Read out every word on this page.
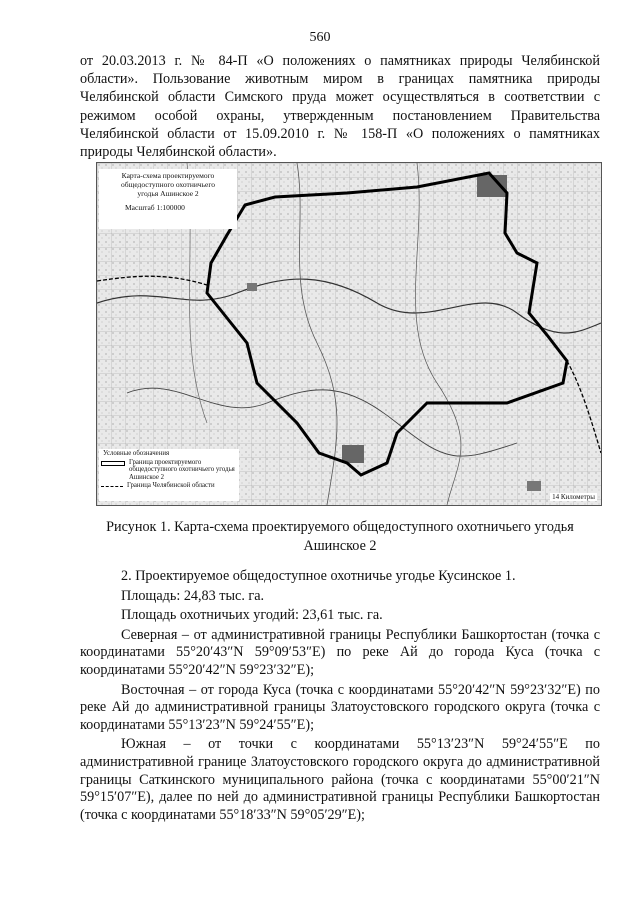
560

от 20.03.2013 г. № 84-П «О положениях о памятниках природы Челябинской области». Пользование животным миром в границах памятника природы Челябинской области Симского пруда может осуществляться в соответствии с режимом особой охраны, утвержденным постановлением Правительства Челябинской области от 15.09.2010 г. № 158-П «О положениях о памятниках природы Челябинской области».

Карта-схема проектируемого
общедоступного охотничьего
угодья Ашинское 2
Масштаб 1:100000
Условные обозначения
Граница проектируемого общедоступного охотничьего угодья Ашинское 2
Граница Челябинской области
14 Километры
Рисунок 1. Карта-схема проектируемого общедоступного охотничьего угодья Ашинское 2

2. Проектируемое общедоступное охотничье угодье Кусинское 1.

Площадь: 24,83 тыс. га.

Площадь охотничьих угодий: 23,61 тыс. га.

Северная – от административной границы Республики Башкортостан (точка с координатами 55°20′43″N 59°09′53″E) по реке Ай до города Куса (точка с координатами 55°20′42″N 59°23′32″E);

Восточная – от города Куса (точка с координатами 55°20′42″N 59°23′32″E) по реке Ай до административной границы Златоустовского городского округа (точка с координатами 55°13′23″N 59°24′55″E);

Южная – от точки с координатами 55°13′23″N 59°24′55″E по административной границе Златоустовского городского округа до административной границы Саткинского муниципального района (точка с координатами 55°00′21″N 59°15′07″E), далее по ней до административной границы Республики Башкортостан (точка с координатами 55°18′33″N 59°05′29″E);
